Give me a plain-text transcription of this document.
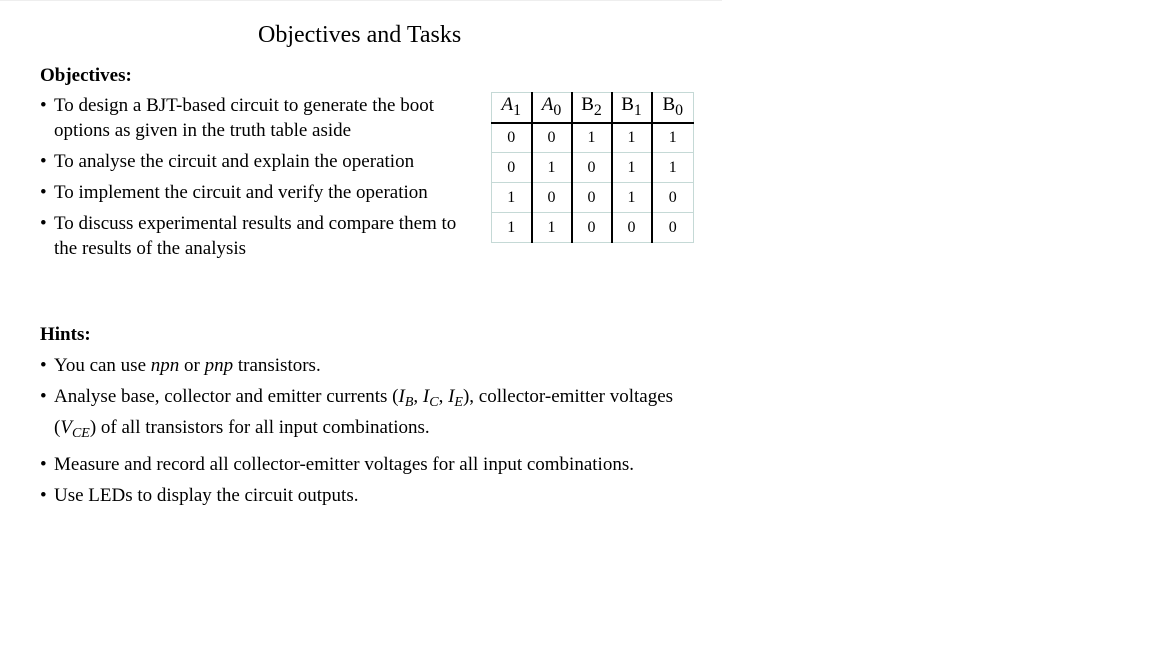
Objectives and Tasks
Objectives:
• To design a BJT-based circuit to generate the boot options as given in the truth table aside
• To analyse the circuit and explain the operation
• To implement the circuit and verify the operation
• To discuss experimental results and compare them to the results of the analysis
$A_1$	$A_0$	$B_2$	$B_1$	$B_0$
0	0	1	1	1
0	1	0	1	1
1	0	0	1	0
1	1	0	0	0
Hints:
• You can use npn or pnp transistors.
• Analyse base, collector and emitter currents ($I_B$, $I_C$, $I_E$), collector-emitter voltages $(V_{CE})$ of all transistors for all input combinations.
• Measure and record all collector-emitter voltages for all input combinations.
• Use LEDs to display the circuit outputs.
